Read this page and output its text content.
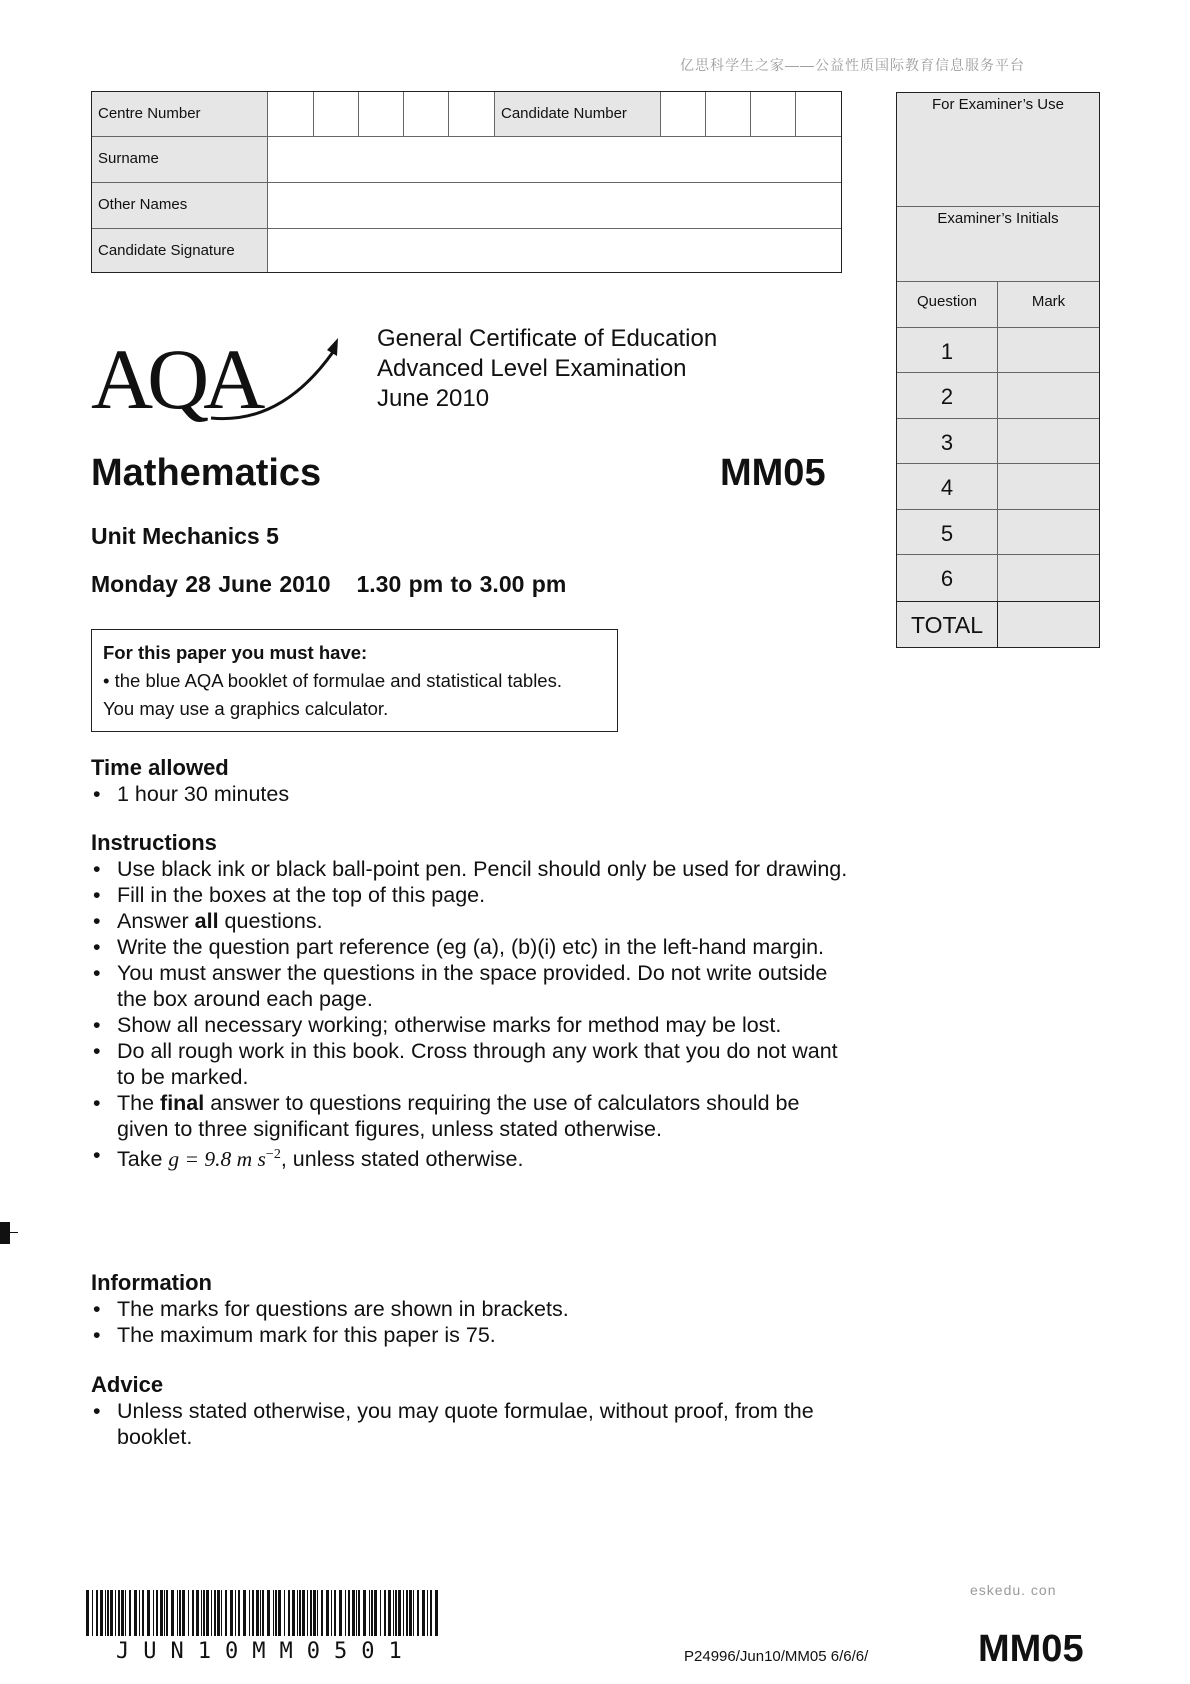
亿思科学生之家——公益性质国际教育信息服务平台
Centre Number	Candidate Number
Surname
Other Names
Candidate Signature
For Examiner’s Use
Examiner’s Initials
Question	Mark
1
2
3
4
5
6
TOTAL
AQA	General Certificate of Education
Advanced Level Examination
June 2010
Mathematics	MM05
Unit Mechanics 5
Monday 28 June 2010 1.30 pm to 3.00 pm
For this paper you must have:
• the blue AQA booklet of formulae and statistical tables.
You may use a graphics calculator.
Time allowed
• 1 hour 30 minutes
Instructions
• Use black ink or black ball-point pen. Pencil should only be used for drawing.
• Fill in the boxes at the top of this page.
• Answer all questions.
• Write the question part reference (eg (a), (b)(i) etc) in the left-hand margin.
• You must answer the questions in the space provided. Do not write outside the box around each page.
• Show all necessary working; otherwise marks for method may be lost.
• Do all rough work in this book. Cross through any work that you do not want to be marked.
• The final answer to questions requiring the use of calculators should be given to three significant figures, unless stated otherwise.
• Take g = 9.8 m $s^{-2}$, unless stated otherwise.
Information
• The marks for questions are shown in brackets.
• The maximum mark for this paper is 75.
Advice
• Unless stated otherwise, you may quote formulae, without proof, from the booklet.
JUN10MM0501
eskedu. con
P24996/Jun10/MM05 6/6/6/	MM05
